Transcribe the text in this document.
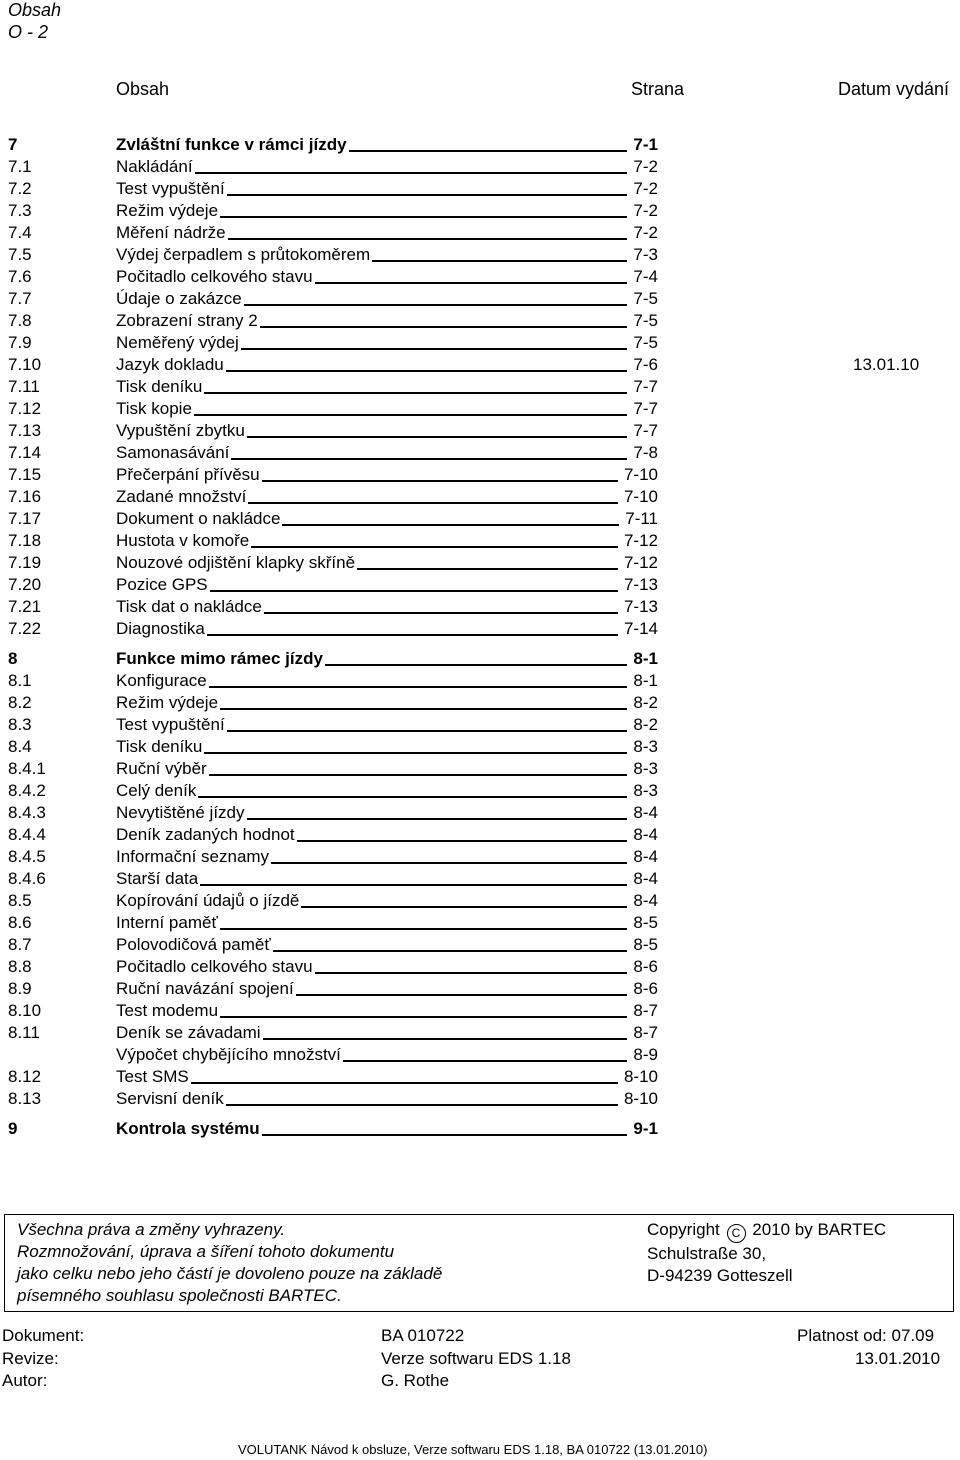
Obsah
O - 2
Obsah	Strana	Datum vydání
7	Zvláštní funkce v rámci jízdy	7-1
7.1	Nakládání	7-2
7.2	Test vypuštění	7-2
7.3	Režim výdeje	7-2
7.4	Měření nádrže	7-2
7.5	Výdej čerpadlem s průtokoměrem	7-3
7.6	Počitadlo celkového stavu	7-4
7.7	Údaje o zakázce	7-5
7.8	Zobrazení strany 2	7-5
7.9	Neměřený výdej	7-5
7.10	Jazyk dokladu	7-6	13.01.10
7.11	Tisk deníku	7-7
7.12	Tisk kopie	7-7
7.13	Vypuštění zbytku	7-7
7.14	Samonasávání	7-8
7.15	Přečerpání přívěsu	7-10
7.16	Zadané množství	7-10
7.17	Dokument o nakládce	7-11
7.18	Hustota v komoře	7-12
7.19	Nouzové odjištění klapky skříně	7-12
7.20	Pozice GPS	7-13
7.21	Tisk dat o nakládce	7-13
7.22	Diagnostika	7-14
8	Funkce mimo rámec jízdy	8-1
8.1	Konfigurace	8-1
8.2	Režim výdeje	8-2
8.3	Test vypuštění	8-2
8.4	Tisk deníku	8-3
8.4.1	Ruční výběr	8-3
8.4.2	Celý deník	8-3
8.4.3	Nevytištěné jízdy	8-4
8.4.4	Deník zadaných hodnot	8-4
8.4.5	Informační seznamy	8-4
8.4.6	Starší data	8-4
8.5	Kopírování údajů o jízdě	8-4
8.6	Interní paměť	8-5
8.7	Polovodičová paměť	8-5
8.8	Počitadlo celkového stavu	8-6
8.9	Ruční navázání spojení	8-6
8.10	Test modemu	8-7
8.11	Deník se závadami	8-7
Výpočet chybějícího množství	8-9
8.12	Test SMS	8-10
8.13	Servisní deník	8-10
9	Kontrola systému	9-1
Všechna práva a změny vyhrazeny.
Rozmnožování, úprava a šíření tohoto dokumentu
jako celku nebo jeho částí je dovoleno pouze na základě
písemného souhlasu společnosti BARTEC.
Copyright C 2010 by BARTEC
Schulstraße 30,
D-94239 Gotteszell
Dokument:	BA 010722	Platnost od: 07.09
Revize:	Verze softwaru EDS 1.18	13.01.2010
Autor:	G. Rothe
VOLUTANK Návod k obsluze, Verze softwaru EDS 1.18, BA 010722 (13.01.2010)
